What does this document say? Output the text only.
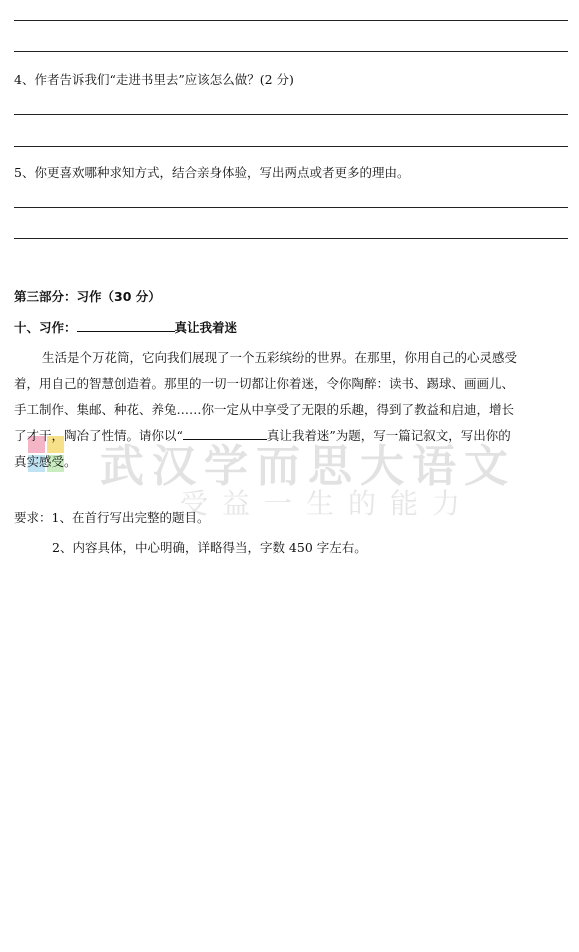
4、作者告诉我们“走进书里去”应该怎么做？(2 分)
5、你更喜欢哪种求知方式，结合亲身体验，写出两点或者更多的理由。
第三部分：习作（30 分）
十、习作：	真让我着迷
武汉学而思大语文
受益一生的能力
生活是个万花筒，它向我们展现了一个五彩缤纷的世界。在那里，你用自己的心灵感受
着，用自己的智慧创造着。那里的一切一切都让你着迷，令你陶醉：读书、踢球、画画儿、
手工制作、集邮、种花、养兔……你一定从中享受了无限的乐趣，得到了教益和启迪，增长
了才干，陶冶了性情。请你以“	真让我着迷”为题，写一篇记叙文，写出你的
真实感受。
要求：1、在首行写出完整的题目。
2、内容具体，中心明确，详略得当，字数 450 字左右。
